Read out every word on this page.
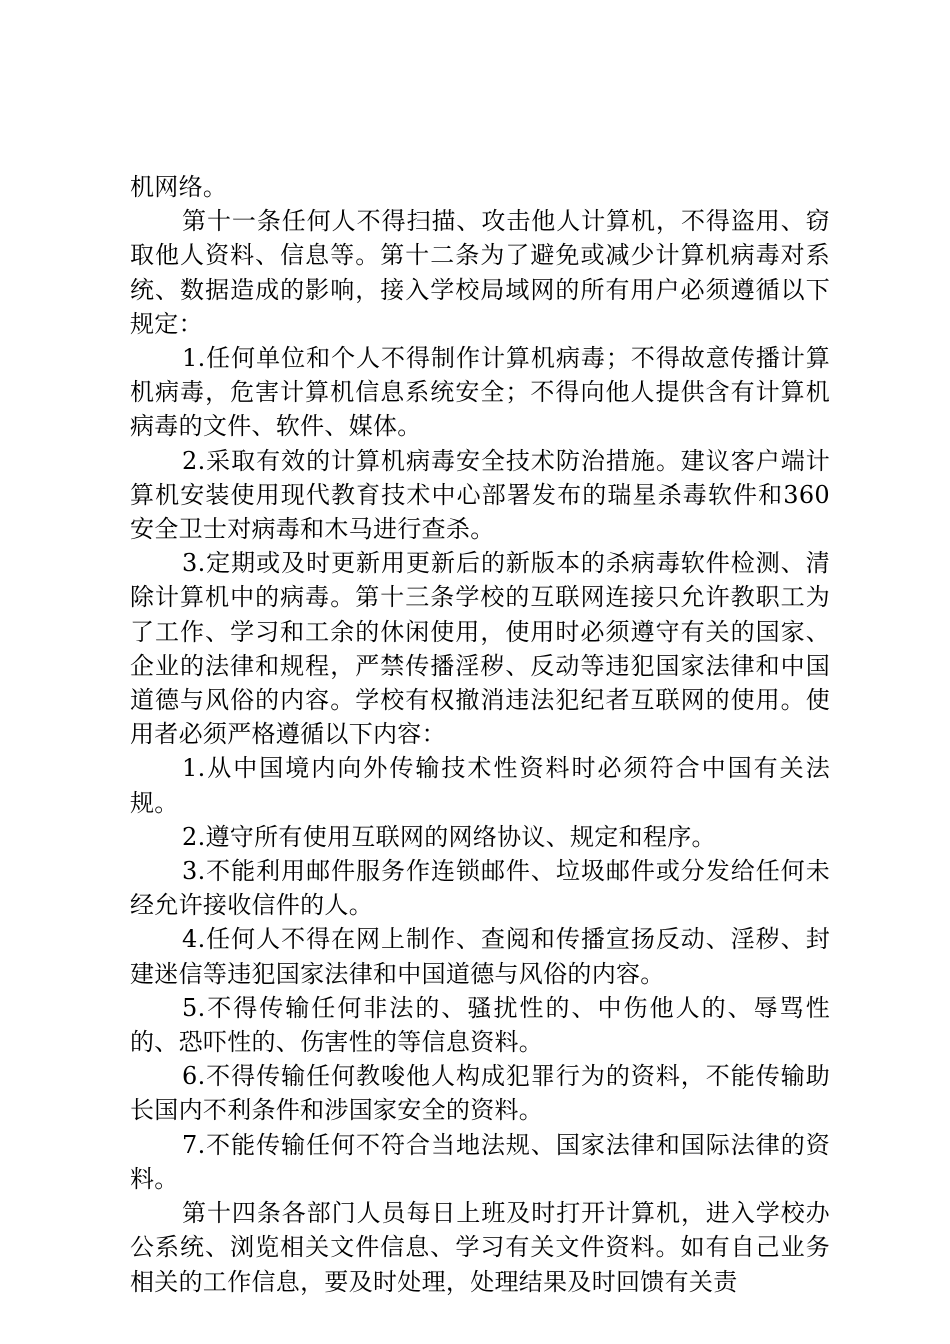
机网络。

第十一条任何人不得扫描、攻击他人计算机，不得盗用、窃取他人资料、信息等。第十二条为了避免或减少计算机病毒对系统、数据造成的影响，接入学校局域网的所有用户必须遵循以下规定：

1.任何单位和个人不得制作计算机病毒；不得故意传播计算机病毒，危害计算机信息系统安全；不得向他人提供含有计算机病毒的文件、软件、媒体。

2.采取有效的计算机病毒安全技术防治措施。建议客户端计算机安装使用现代教育技术中心部署发布的瑞星杀毒软件和360安全卫士对病毒和木马进行查杀。

3.定期或及时更新用更新后的新版本的杀病毒软件检测、清除计算机中的病毒。第十三条学校的互联网连接只允许教职工为了工作、学习和工余的休闲使用，使用时必须遵守有关的国家、企业的法律和规程，严禁传播淫秽、反动等违犯国家法律和中国道德与风俗的内容。学校有权撤消违法犯纪者互联网的使用。使用者必须严格遵循以下内容：

1.从中国境内向外传输技术性资料时必须符合中国有关法规。

2.遵守所有使用互联网的网络协议、规定和程序。

3.不能利用邮件服务作连锁邮件、垃圾邮件或分发给任何未经允许接收信件的人。

4.任何人不得在网上制作、查阅和传播宣扬反动、淫秽、封建迷信等违犯国家法律和中国道德与风俗的内容。

5.不得传输任何非法的、骚扰性的、中伤他人的、辱骂性的、恐吓性的、伤害性的等信息资料。

6.不得传输任何教唆他人构成犯罪行为的资料，不能传输助长国内不利条件和涉国家安全的资料。

7.不能传输任何不符合当地法规、国家法律和国际法律的资料。

第十四条各部门人员每日上班及时打开计算机，进入学校办公系统、浏览相关文件信息、学习有关文件资料。如有自己业务相关的工作信息，要及时处理，处理结果及时回馈有关责
